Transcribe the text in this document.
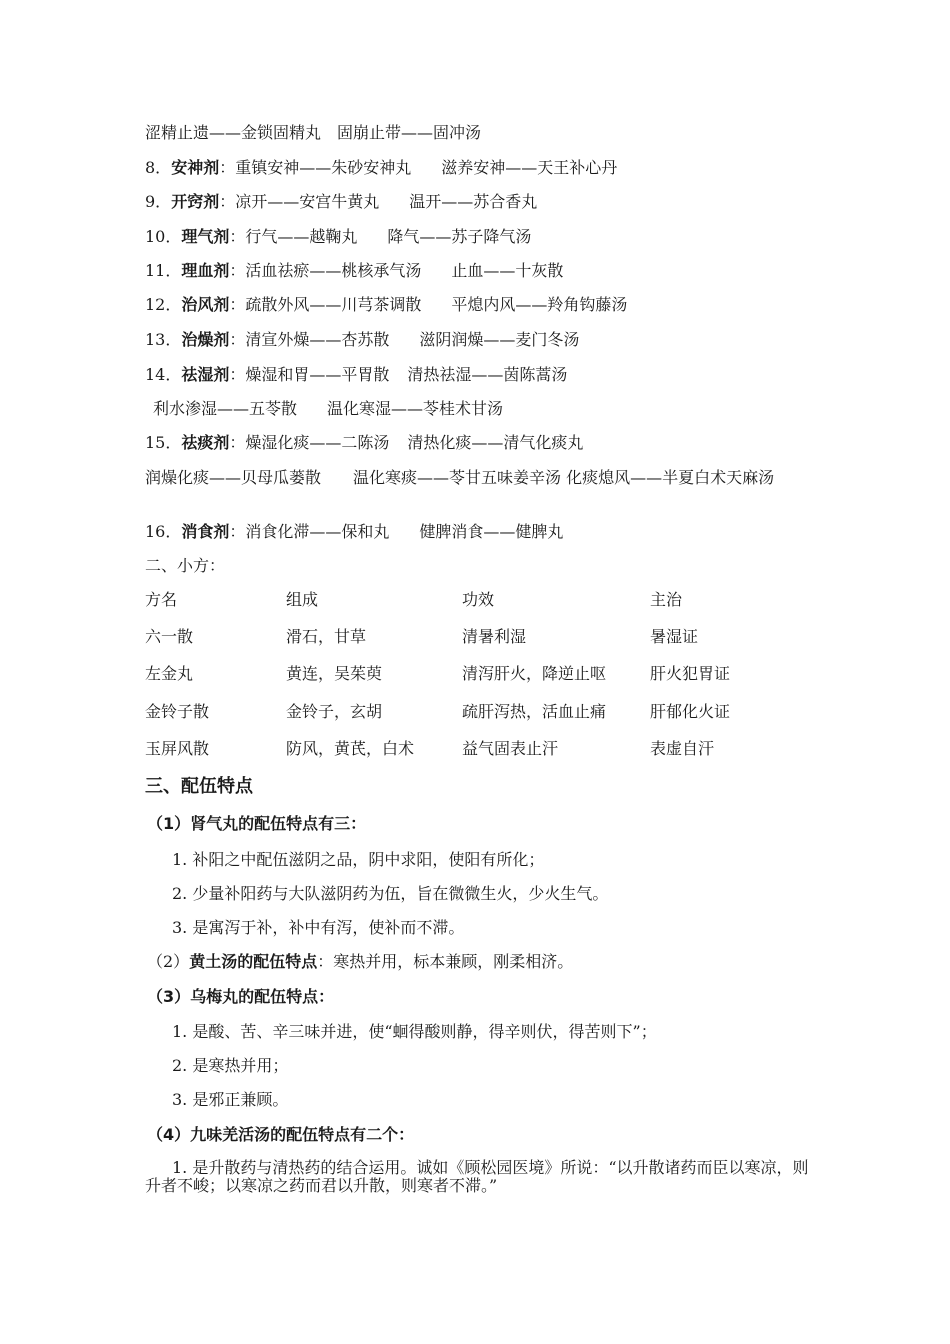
涩精止遗——金锁固精丸　固崩止带——固冲汤
8．安神剂：重镇安神——朱砂安神丸 滋养安神——天王补心丹
9．开窍剂：凉开——安宫牛黄丸 温开——苏合香丸
10．理气剂：行气——越鞠丸 降气——苏子降气汤
11．理血剂：活血祛瘀——桃核承气汤 止血——十灰散
12．治风剂：疏散外风——川芎茶调散 平熄内风——羚角钩藤汤
13．治燥剂：清宣外燥——杏苏散 滋阴润燥——麦门冬汤
14．祛湿剂：燥湿和胃——平胃散 清热祛湿——茵陈蒿汤
利水渗湿——五苓散 温化寒湿——苓桂术甘汤
15．祛痰剂：燥湿化痰——二陈汤 清热化痰——清气化痰丸
润燥化痰——贝母瓜蒌散　　温化寒痰——苓甘五味姜辛汤 化痰熄风——半夏白术天麻汤
16．消食剂：消食化滞——保和丸 健脾消食——健脾丸
二、小方：
方名	组成	功效	主治
六一散	滑石，甘草	清暑利湿	暑湿证
左金丸	黄连，吴茱萸	清泻肝火，降逆止呕	肝火犯胃证
金铃子散	金铃子，玄胡	疏肝泻热，活血止痛	肝郁化火证
玉屏风散	防风，黄芪，白术	益气固表止汗	表虚自汗
三、配伍特点
（1）肾气丸的配伍特点有三：
1. 补阳之中配伍滋阴之品，阴中求阳，使阳有所化；
2. 少量补阳药与大队滋阴药为伍，旨在微微生火，少火生气。
3. 是寓泻于补，补中有泻，使补而不滞。
（2）黄土汤的配伍特点：寒热并用，标本兼顾，刚柔相济。
（3）乌梅丸的配伍特点：
1. 是酸、苦、辛三味并进，使“蛔得酸则静，得辛则伏，得苦则下”；
2. 是寒热并用；
3. 是邪正兼顾。
（4）九味羌活汤的配伍特点有二个：
1. 是升散药与清热药的结合运用。诚如《顾松园医境》所说：“以升散诸药而臣以寒凉，则升者不峻；以寒凉之药而君以升散，则寒者不滞。”
